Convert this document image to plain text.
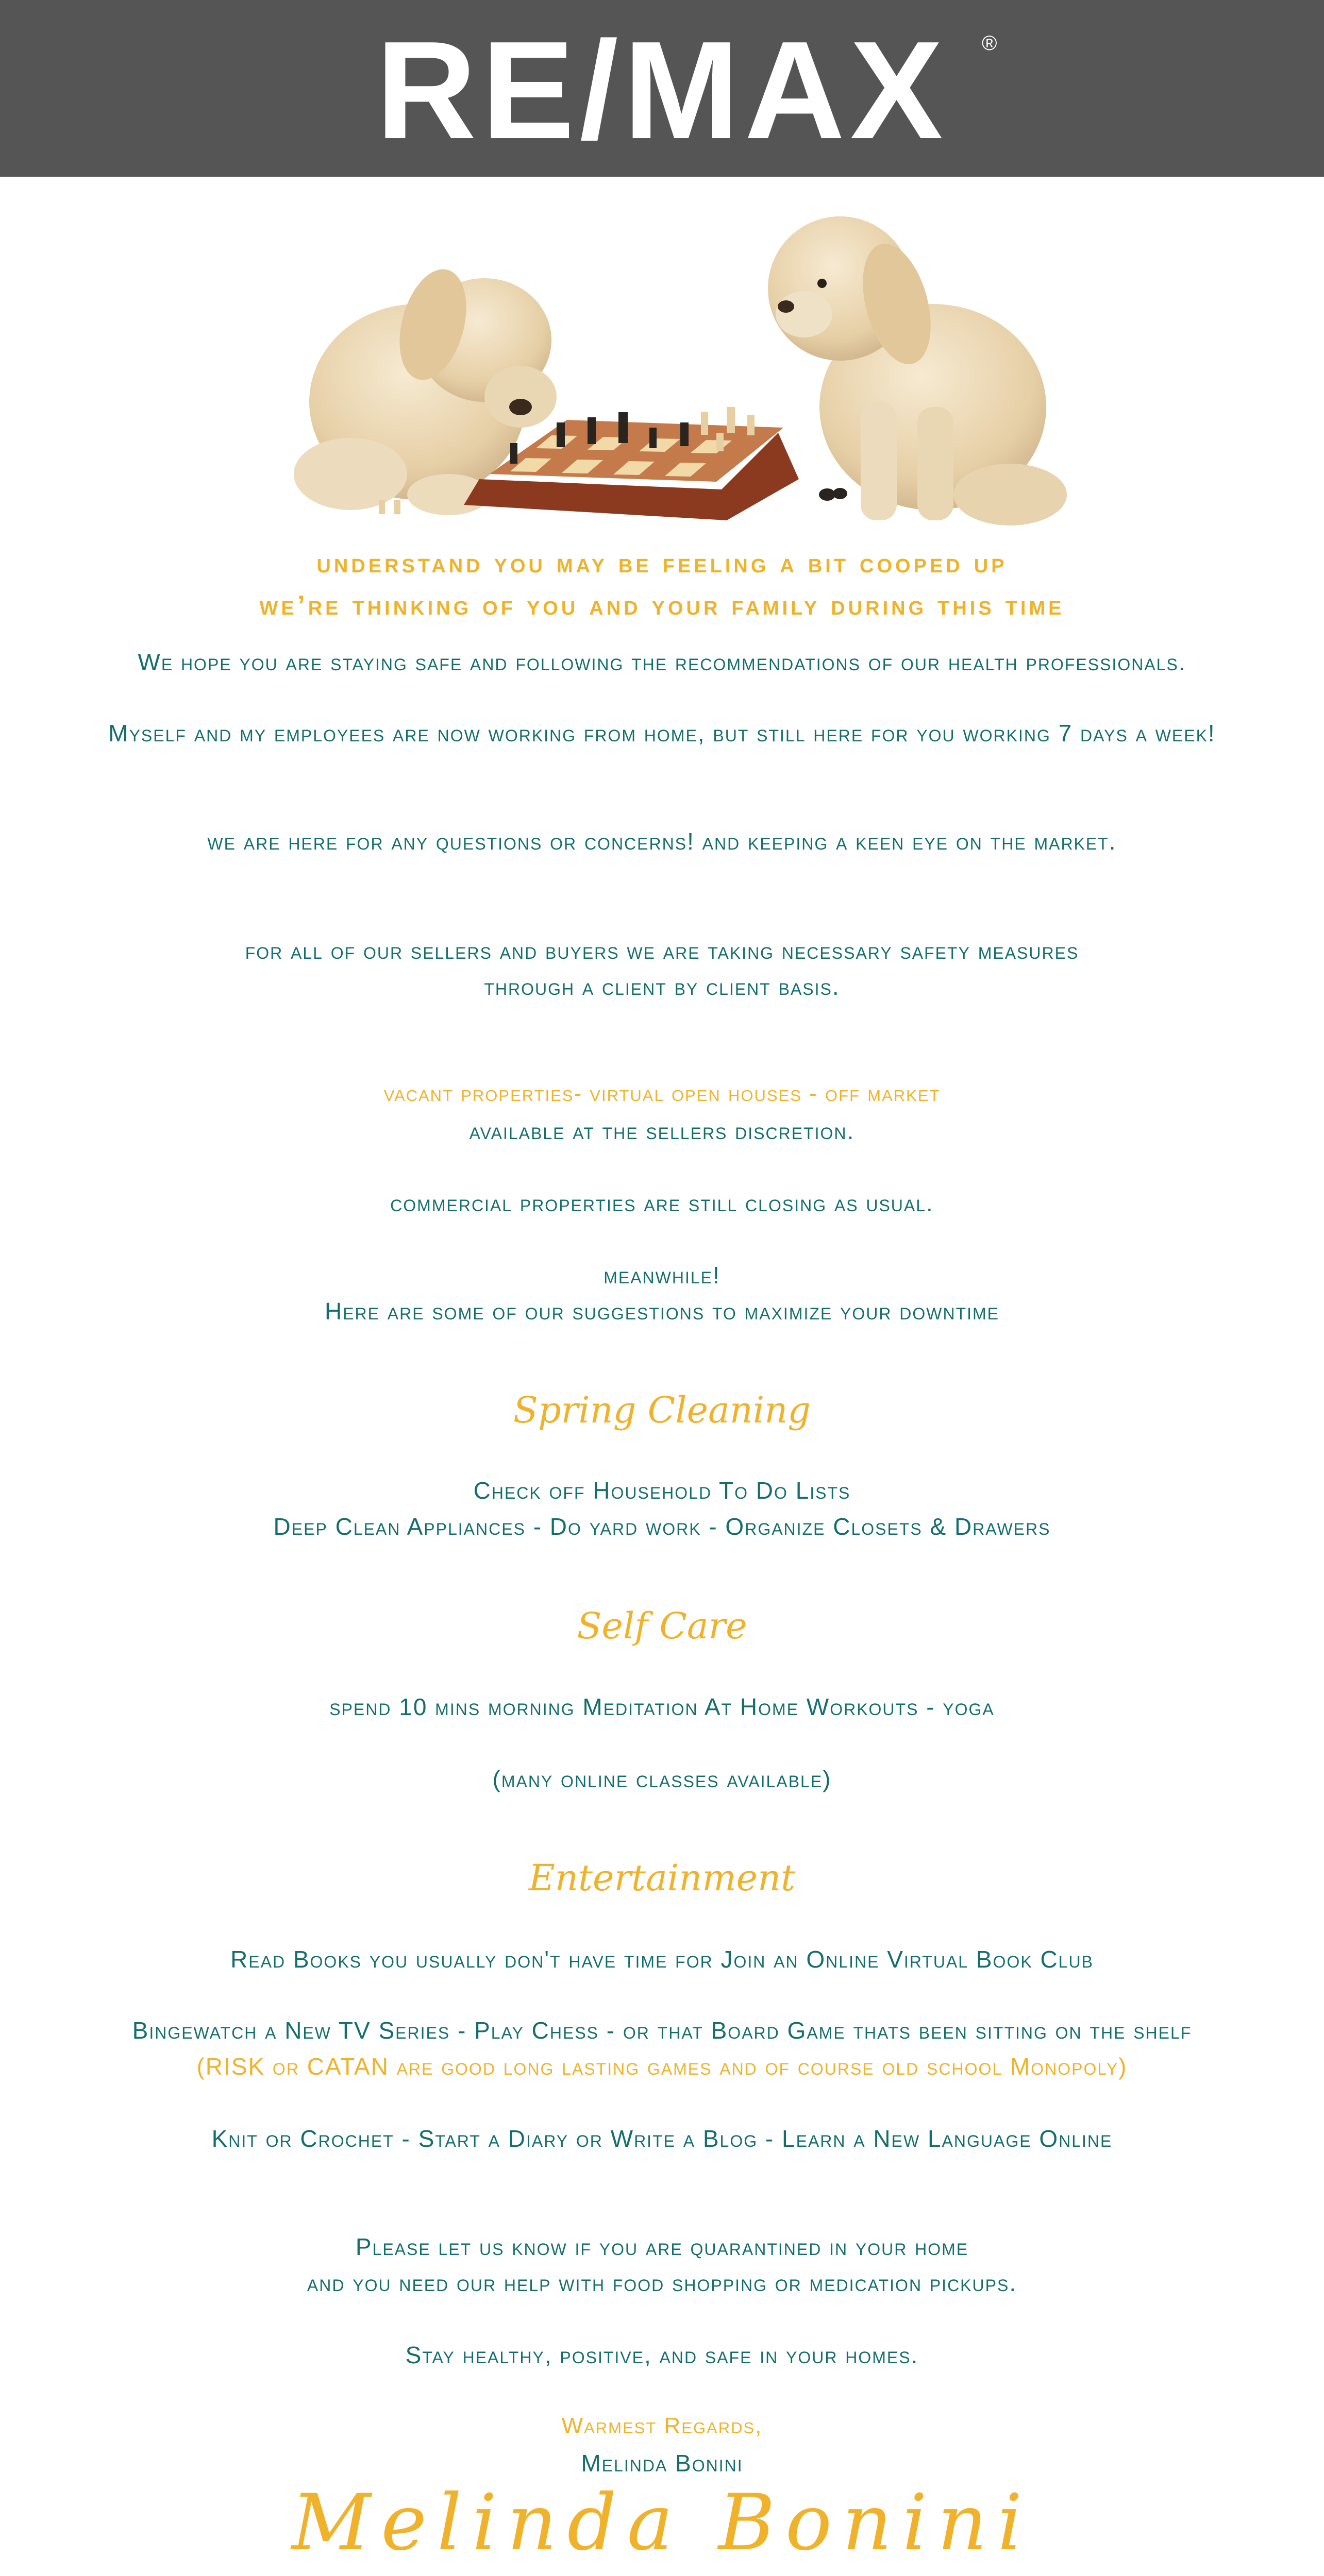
RE/MAX ®
understand you may be feeling a bit cooped up
we’re thinking of you and your family during this time
We hope you are staying safe and following the recommendations of our health professionals.
Myself and my employees are now working from home, but still here for you working 7 days a week!
we are here for any questions or concerns! and keeping a keen eye on the market.
for all of our sellers and buyers we are taking necessary safety measures
through a client by client basis.
vacant properties- virtual open houses - off market
available at the sellers discretion.
commercial properties are still closing as usual.
meanwhile!
Here are some of our suggestions to maximize your downtime
Spring Cleaning
Check off Household To Do Lists
Deep Clean Appliances - Do yard work - Organize Closets & Drawers
Self Care
spend 10 mins morning Meditation At Home Workouts - yoga
(many online classes available)
Entertainment
Read Books you usually don't have time for Join an Online Virtual Book Club
Bingewatch a New TV Series - Play Chess - or that Board Game thats been sitting on the shelf
(RISK or CATAN are good long lasting games and of course old school Monopoly)
Knit or Crochet - Start a Diary or Write a Blog - Learn a New Language Online
Please let us know if you are quarantined in your home
and you need our help with food shopping or medication pickups.
Stay healthy, positive, and safe in your homes.
Warmest Regards,
Melinda Bonini
Melinda Bonini
